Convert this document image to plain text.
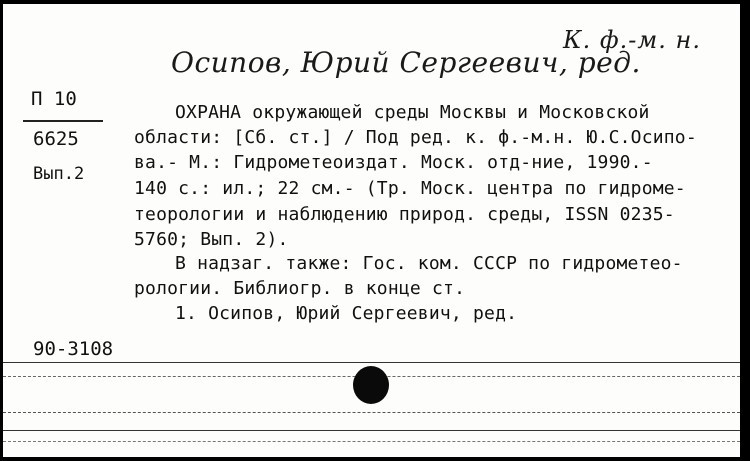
К. ф.-м. н.
Осипов, Юрий Сергеевич, ред.
П 10
6625
Вып.2
ОХРАНА окружающей среды Москвы и Московской
области: [Сб. ст.] / Под ред. к. ф.-м.н. Ю.С.Осипо-
ва.- М.: Гидрометеоиздат. Моск. отд-ние, 1990.-
140 с.: ил.; 22 см.- (Тр. Моск. центра по гидроме-
теорологии и наблюдению природ. среды, ISSN 0235-
5760; Вып. 2).
В надзаг. также: Гос. ком. СССР по гидрометео-
рологии. Библиогр. в конце ст.
1. Осипов, Юрий Сергеевич, ред.
90-3108
